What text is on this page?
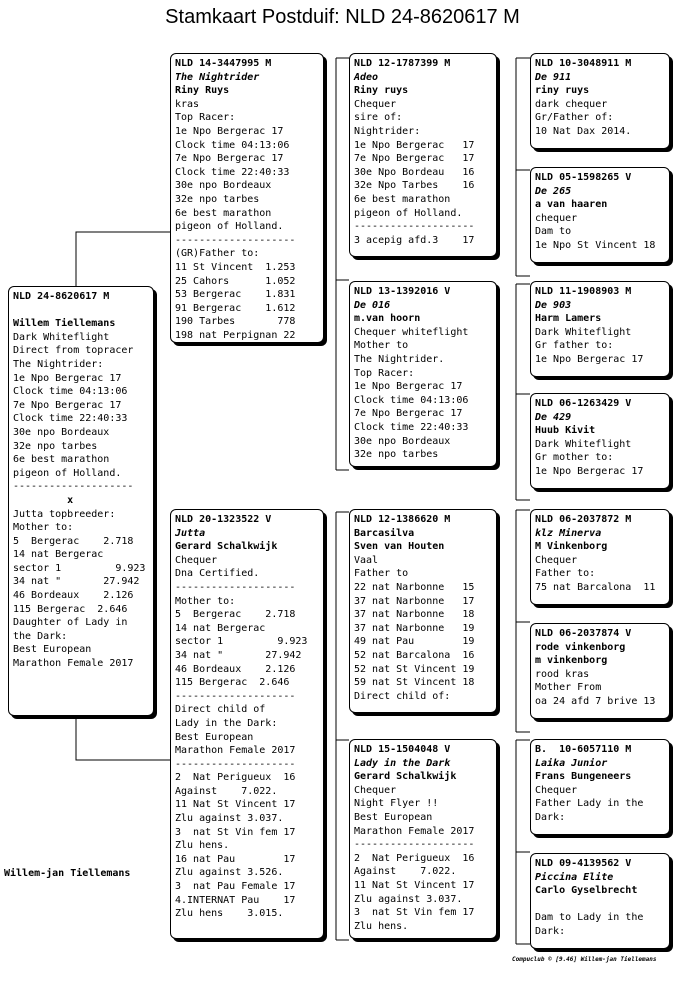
Stamkaart Postduif: NLD 24-8620617 M
NLD 24-8620617 M
Willem Tiellemans
Dark Whiteflight
Direct from topracer
The Nightrider:
1e Npo Bergerac 17
Clock time 04:13:06
7e Npo Bergerac 17
Clock time 22:40:33
30e npo Bordeaux
32e npo tarbes
6e best marathon
pigeon of Holland.
--------------------
x
Jutta topbreeder:
Mother to:
5  Bergerac    2.718
14 nat Bergerac
sector 1         9.923
34 nat "       27.942
46 Bordeaux    2.126
115 Bergerac  2.646
Daughter of Lady in
the Dark:
Best European
Marathon Female 2017
NLD 14-3447995 M
The Nightrider
Riny Ruys
kras
Top Racer:
1e Npo Bergerac 17
Clock time 04:13:06
7e Npo Bergerac 17
Clock time 22:40:33
30e npo Bordeaux
32e npo tarbes
6e best marathon
pigeon of Holland.
--------------------
(GR)Father to:
11 St Vincent  1.253
25 Cahors      1.052
53 Bergerac    1.831
91 Bergerac    1.612
190 Tarbes       778
198 nat Perpignan 22
NLD 20-1323522 V
Jutta
Gerard Schalkwijk
Chequer
Dna Certified.
--------------------
Mother to:
5  Bergerac    2.718
14 nat Bergerac
sector 1         9.923
34 nat "       27.942
46 Bordeaux    2.126
115 Bergerac  2.646
--------------------
Direct child of
Lady in the Dark:
Best European
Marathon Female 2017
--------------------
2  Nat Perigueux  16
Against    7.022.
11 Nat St Vincent 17
Zlu against 3.037.
3  nat St Vin fem 17
Zlu hens.
16 nat Pau        17
Zlu against 3.526.
3  nat Pau Female 17
4.INTERNAT Pau    17
Zlu hens    3.015.
NLD 12-1787399 M
Adeo
Riny ruys
Chequer
sire of:
Nightrider:
1e Npo Bergerac   17
7e Npo Bergerac   17
30e Npo Bordeau   16
32e Npo Tarbes    16
6e best marathon
pigeon of Holland.
--------------------
3 acepig afd.3    17
NLD 13-1392016 V
De 016
m.van hoorn
Chequer whiteflight
Mother to
The Nightrider.
Top Racer:
1e Npo Bergerac 17
Clock time 04:13:06
7e Npo Bergerac 17
Clock time 22:40:33
30e npo Bordeaux
32e npo tarbes
NLD 12-1386620 M
Barcasilva
Sven van Houten
Vaal
Father to
22 nat Narbonne   15
37 nat Narbonne   17
37 nat Narbonne   18
37 nat Narbonne   19
49 nat Pau        19
52 nat Barcalona  16
52 nat St Vincent 19
59 nat St Vincent 18
Direct child of:
NLD 15-1504048 V
Lady in the Dark
Gerard Schalkwijk
Chequer
Night Flyer !!
Best European
Marathon Female 2017
--------------------
2  Nat Perigueux  16
Against    7.022.
11 Nat St Vincent 17
Zlu against 3.037.
3  nat St Vin fem 17
Zlu hens.
NLD 10-3048911 M
De 911
riny ruys
dark chequer
Gr/Father of:
10 Nat Dax 2014.
NLD 05-1598265 V
De 265
a van haaren
chequer
Dam to
1e Npo St Vincent 18
NLD 11-1908903 M
De 903
Harm Lamers
Dark Whiteflight
Gr father to:
1e Npo Bergerac 17
NLD 06-1263429 V
De 429
Huub Kivit
Dark Whiteflight
Gr mother to:
1e Npo Bergerac 17
NLD 06-2037872 M
klz Minerva
M Vinkenborg
Chequer
Father to:
75 nat Barcalona  11
NLD 06-2037874 V
rode vinkenborg
m vinkenborg
rood kras
Mother From
oa 24 afd 7 brive 13
B.  10-6057110 M
Laika Junior
Frans Bungeneers
Chequer
Father Lady in the
Dark:
NLD 09-4139562 V
Piccina Elite
Carlo Gyselbrecht
Dam to Lady in the
Dark:
Willem-jan Tiellemans
Compuclub © [9.46] Willem-jan Tiellemans
